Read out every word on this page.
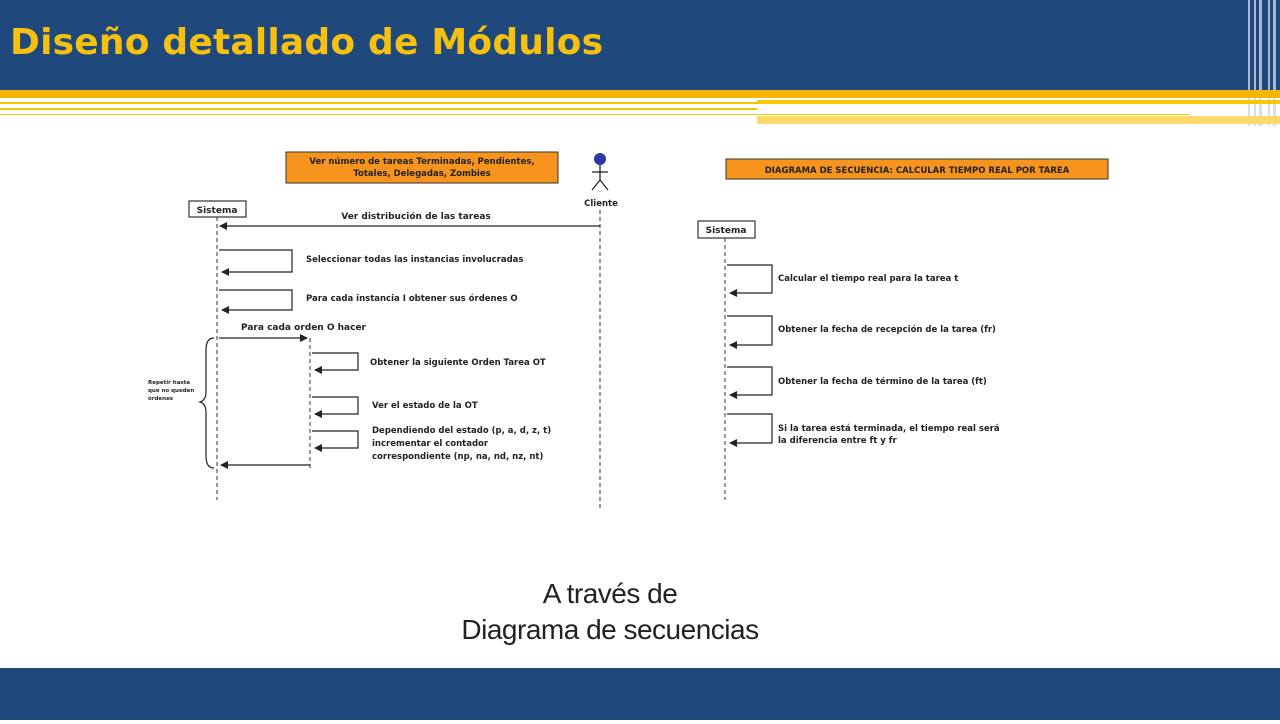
Diseño detallado de Módulos
Ver número de tareas Terminadas, Pendientes,
Totales, Delegadas, Zombies
Sistema
Cliente
Ver distribución de las tareas
Seleccionar todas las instancias involucradas
Para cada instancia I obtener sus órdenes O
Para cada orden O hacer
Obtener la siguiente Orden Tarea OT
Ver el estado de la OT
Dependiendo del estado (p, a, d, z, t)
incrementar el contador
correspondiente (np, na, nd, nz, nt)
Repetir hasta
que no queden
órdenes
DIAGRAMA DE SECUENCIA: CALCULAR TIEMPO REAL POR TAREA
Sistema
Calcular el tiempo real para la tarea t
Obtener la fecha de recepción de la tarea (fr)
Obtener la fecha de término de la tarea (ft)
Si la tarea está terminada, el tiempo real será
la diferencia entre ft y fr
A través de
Diagrama de secuencias
